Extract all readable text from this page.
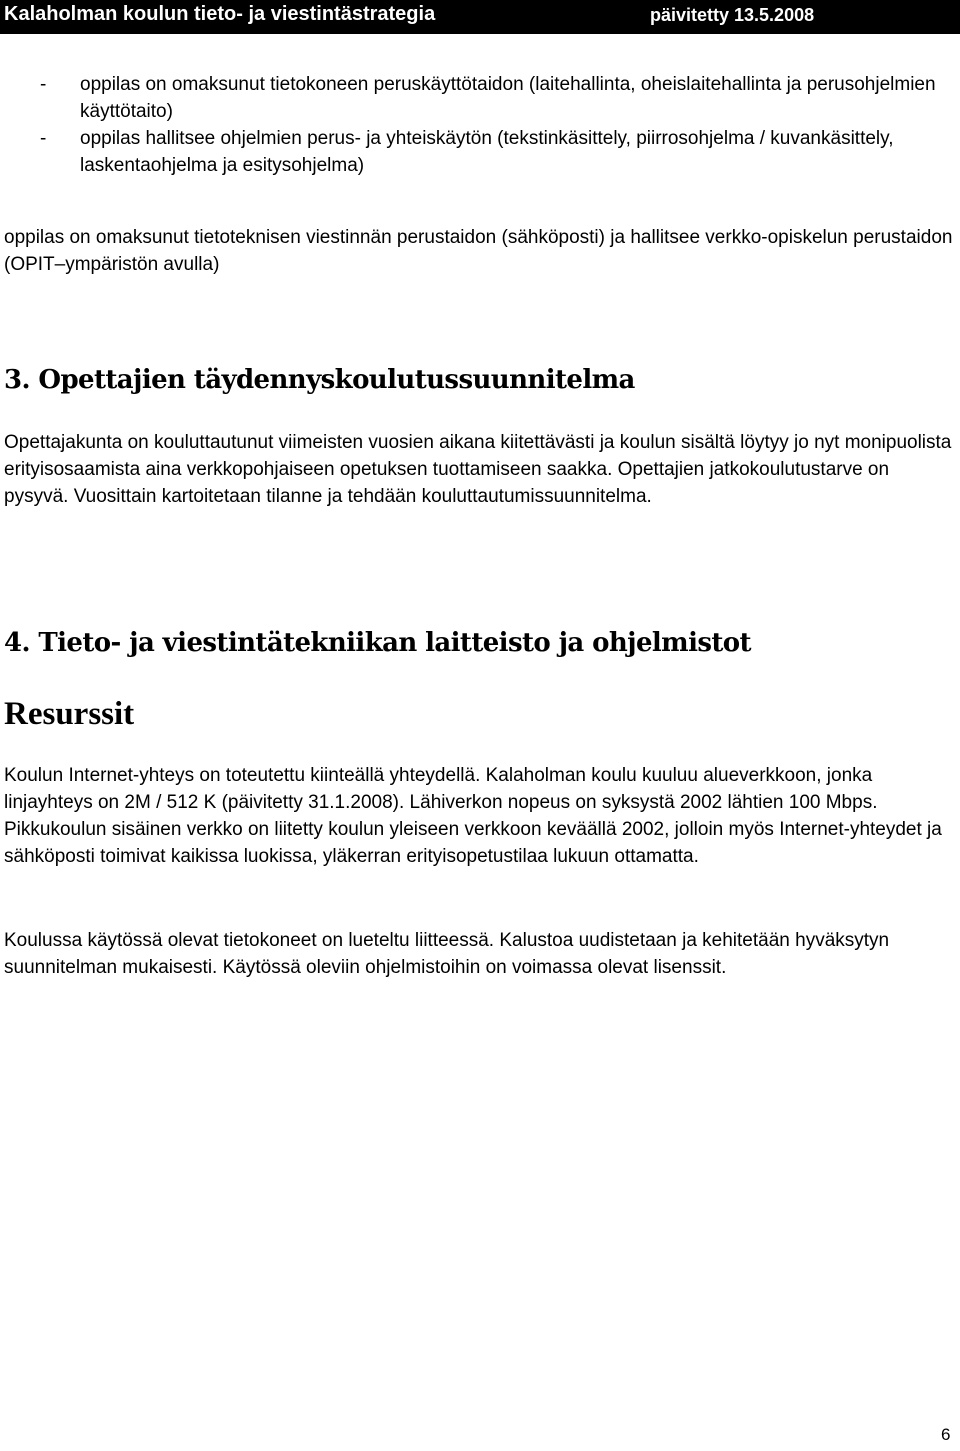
Kalaholman koulun tieto- ja viestintästrategia	päivitetty 13.5.2008
- oppilas on omaksunut tietokoneen peruskäyttötaidon (laitehallinta, oheislaitehallinta ja perusohjelmien käyttötaito)
- oppilas hallitsee ohjelmien perus- ja yhteiskäytön (tekstinkäsittely, piirrosohjelma / kuvankäsittely, laskentaohjelma ja esitysohjelma)

oppilas on omaksunut tietoteknisen viestinnän perustaidon (sähköposti) ja hallitsee verkko-opiskelun perustaidon (OPIT–ympäristön avulla)

3. Opettajien täydennyskoulutussuunnitelma

Opettajakunta on kouluttautunut viimeisten vuosien aikana kiitettävästi ja koulun sisältä löytyy jo nyt monipuolista erityisosaamista aina verkkopohjaiseen opetuksen tuottamiseen saakka. Opettajien jatkokoulutustarve on pysyvä. Vuosittain kartoitetaan tilanne ja tehdään kouluttautumissuunnitelma.

4. Tieto- ja viestintätekniikan laitteisto ja ohjelmistot
Resurssit

Koulun Internet-yhteys on toteutettu kiinteällä yhteydellä. Kalaholman koulu kuuluu alueverkkoon, jonka linjayhteys on 2M / 512 K (päivitetty 31.1.2008). Lähiverkon nopeus on syksystä 2002 lähtien 100 Mbps. Pikkukoulun sisäinen verkko on liitetty koulun yleiseen verkkoon keväällä 2002, jolloin myös Internet-yhteydet ja sähköposti toimivat kaikissa luokissa, yläkerran erityisopetustilaa lukuun ottamatta.

Koulussa käytössä olevat tietokoneet on lueteltu liitteessä. Kalustoa uudistetaan ja kehitetään hyväksytyn suunnitelman mukaisesti. Käytössä oleviin ohjelmistoihin on voimassa olevat lisenssit.

6
